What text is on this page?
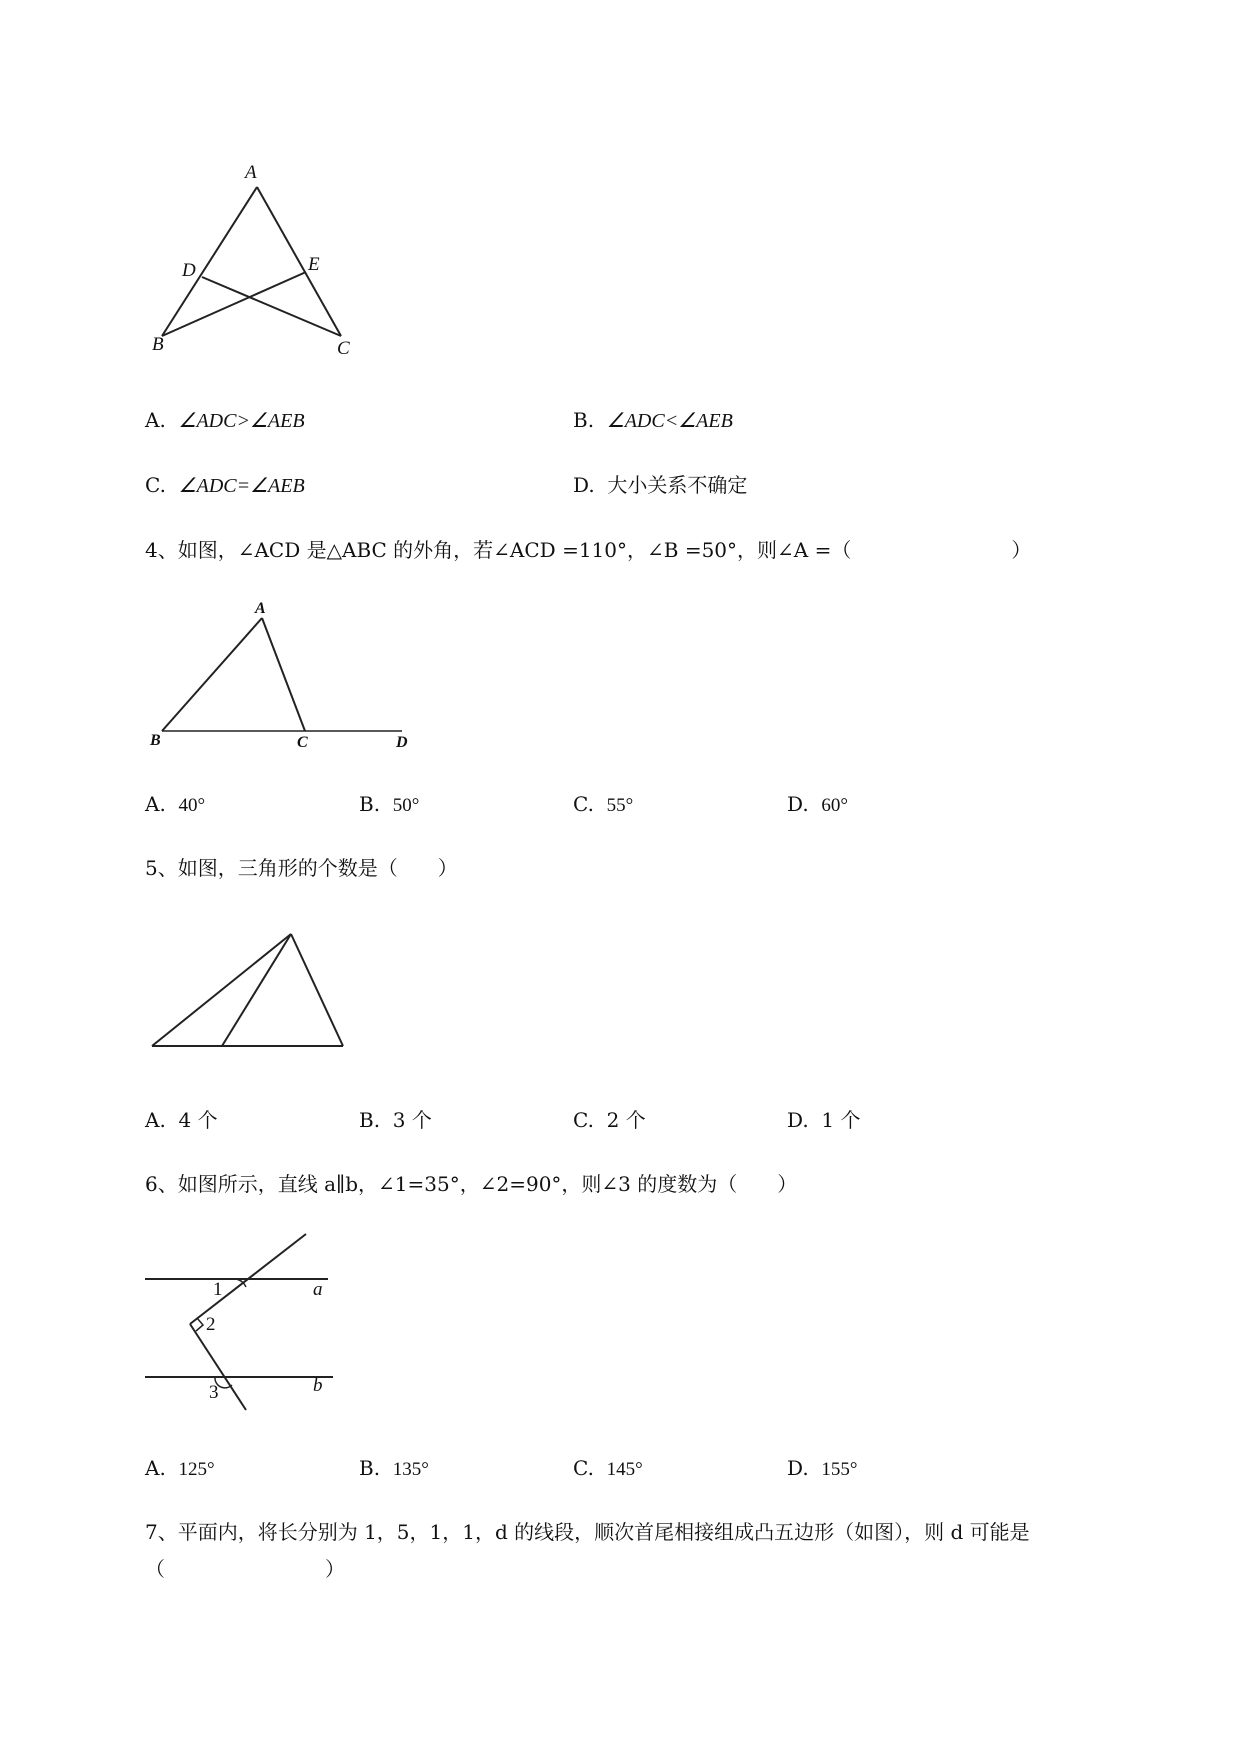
A
D	E
B	C
A. ∠ADC>∠AEB	B. ∠ADC<∠AEB
C. ∠ADC=∠AEB	D. 大小关系不确定
4、如图，∠ACD 是△ABC 的外角，若∠ACD =110°，∠B =50°，则∠A =（　　　　　　　　）
A
B	C	D
A. 40°	B. 50°	C. 55°	D. 60°
5、如图，三角形的个数是（　　）
A. 4 个	B. 3 个	C. 2 个	D. 1 个
6、如图所示，直线 a∥b，∠1=35°，∠2=90°，则∠3 的度数为（　　）
1
2
3
a
b
A. 125°	B. 135°	C. 145°	D. 155°
7、平面内，将长分别为 1，5，1，1，d 的线段，顺次首尾相接组成凸五边形（如图），则 d 可能是
（　　　　　　　　）
